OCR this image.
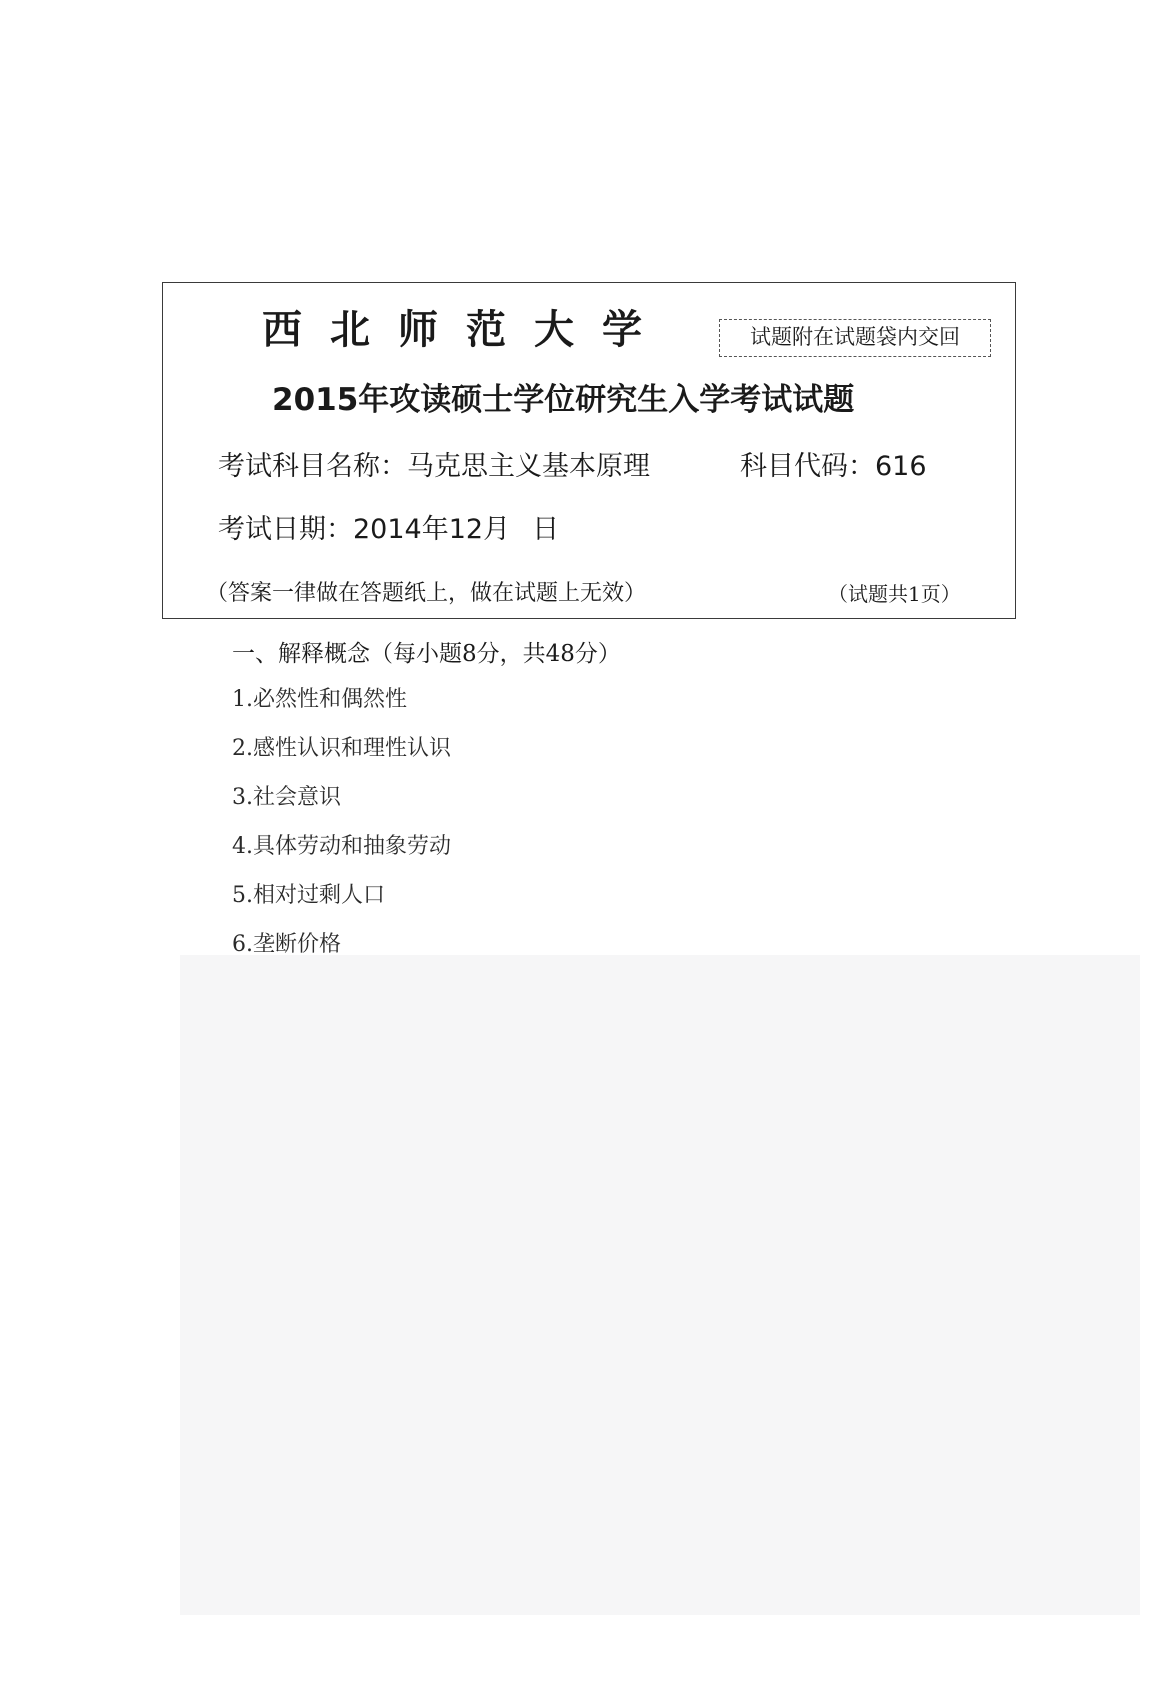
西北师范大学	试题附在试题袋内交回
2015年攻读硕士学位研究生入学考试试题
考试科目名称：马克思主义基本原理	科目代码：616
考试日期：2014年12月 日
（答案一律做在答题纸上，做在试题上无效）	（试题共1页）
一、解释概念（每小题8分，共48分）
1.必然性和偶然性
2.感性认识和理性认识
3.社会意识
4.具体劳动和抽象劳动
5.相对过剩人口
6.垄断价格
